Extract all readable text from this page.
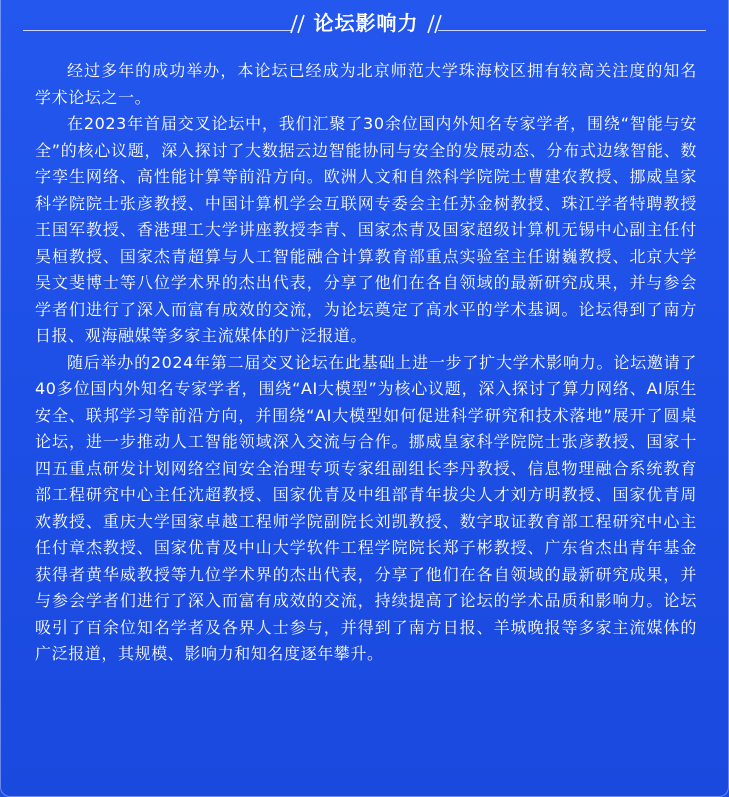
论坛影响力

经过多年的成功举办，本论坛已经成为北京师范大学珠海校区拥有较高关注度的知名学术论坛之一。

在2023年首届交叉论坛中，我们汇聚了30余位国内外知名专家学者，围绕“智能与安全”的核心议题，深入探讨了大数据云边智能协同与安全的发展动态、分布式边缘智能、数字孪生网络、高性能计算等前沿方向。欧洲人文和自然科学院院士曹建农教授、挪威皇家科学院院士张彦教授、中国计算机学会互联网专委会主任苏金树教授、珠江学者特聘教授王国军教授、香港理工大学讲座教授李青、国家杰青及国家超级计算机无锡中心副主任付昊桓教授、国家杰青超算与人工智能融合计算教育部重点实验室主任谢巍教授、北京大学吴文斐博士等八位学术界的杰出代表，分享了他们在各自领域的最新研究成果，并与参会学者们进行了深入而富有成效的交流，为论坛奠定了高水平的学术基调。论坛得到了南方日报、观海融媒等多家主流媒体的广泛报道。

随后举办的2024年第二届交叉论坛在此基础上进一步了扩大学术影响力。论坛邀请了40多位国内外知名专家学者，围绕“AI大模型”为核心议题，深入探讨了算力网络、AI原生安全、联邦学习等前沿方向，并围绕“AI大模型如何促进科学研究和技术落地”展开了圆桌论坛，进一步推动人工智能领域深入交流与合作。挪威皇家科学院院士张彦教授、国家十四五重点研发计划网络空间安全治理专项专家组副组长李丹教授、信息物理融合系统教育部工程研究中心主任沈超教授、国家优青及中组部青年拔尖人才刘方明教授、国家优青周欢教授、重庆大学国家卓越工程师学院副院长刘凯教授、数字取证教育部工程研究中心主任付章杰教授、国家优青及中山大学软件工程学院院长郑子彬教授、广东省杰出青年基金获得者黄华威教授等九位学术界的杰出代表，分享了他们在各自领域的最新研究成果，并与参会学者们进行了深入而富有成效的交流，持续提高了论坛的学术品质和影响力。论坛吸引了百余位知名学者及各界人士参与，并得到了南方日报、羊城晚报等多家主流媒体的广泛报道，其规模、影响力和知名度逐年攀升。
